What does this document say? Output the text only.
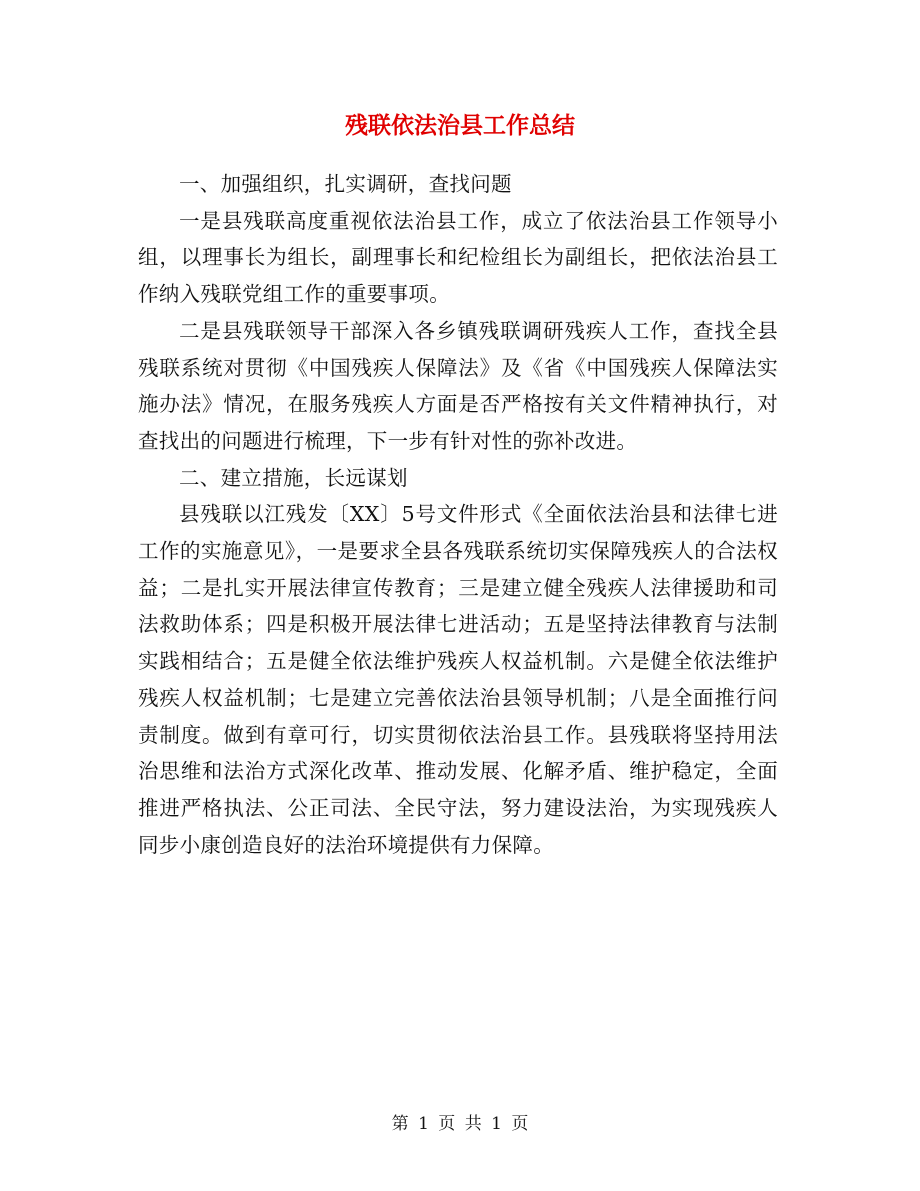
残联依法治县工作总结

一、加强组织，扎实调研，查找问题

一是县残联高度重视依法治县工作，成立了依法治县工作领导小组，以理事长为组长，副理事长和纪检组长为副组长，把依法治县工作纳入残联党组工作的重要事项。

二是县残联领导干部深入各乡镇残联调研残疾人工作，查找全县残联系统对贯彻《中国残疾人保障法》及《省《中国残疾人保障法实施办法》情况，在服务残疾人方面是否严格按有关文件精神执行，对查找出的问题进行梳理，下一步有针对性的弥补改进。

二、建立措施，长远谋划

县残联以江残发〔XX〕5号文件形式《全面依法治县和法律七进工作的实施意见》，一是要求全县各残联系统切实保障残疾人的合法权益；二是扎实开展法律宣传教育；三是建立健全残疾人法律援助和司法救助体系；四是积极开展法律七进活动；五是坚持法律教育与法制实践相结合；五是健全依法维护残疾人权益机制。六是健全依法维护残疾人权益机制；七是建立完善依法治县领导机制；八是全面推行问责制度。做到有章可行，切实贯彻依法治县工作。县残联将坚持用法治思维和法治方式深化改革、推动发展、化解矛盾、维护稳定，全面推进严格执法、公正司法、全民守法，努力建设法治，为实现残疾人同步小康创造良好的法治环境提供有力保障。

第 1 页 共 1 页
